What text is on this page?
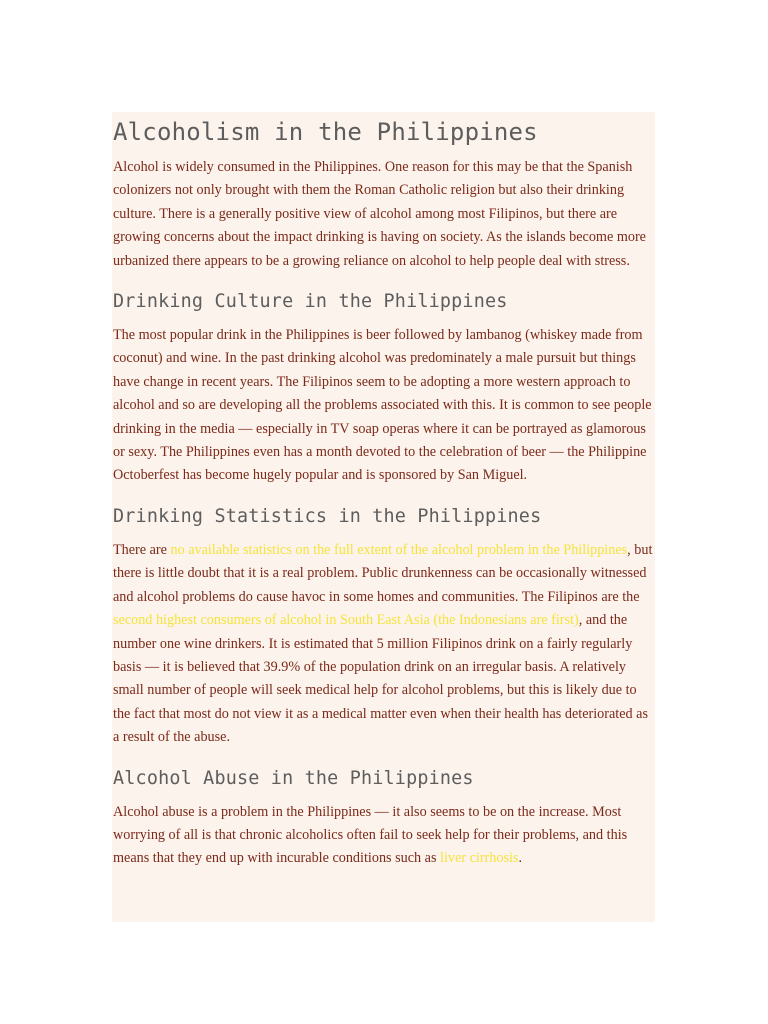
Alcoholism in the Philippines

Alcohol is widely consumed in the Philippines. One reason for this may be that the Spanish colonizers not only brought with them the Roman Catholic religion but also their drinking culture. There is a generally positive view of alcohol among most Filipinos, but there are growing concerns about the impact drinking is having on society. As the islands become more urbanized there appears to be a growing reliance on alcohol to help people deal with stress.

Drinking Culture in the Philippines

The most popular drink in the Philippines is beer followed by lambanog (whiskey made from coconut) and wine. In the past drinking alcohol was predominately a male pursuit but things have change in recent years. The Filipinos seem to be adopting a more western approach to alcohol and so are developing all the problems associated with this. It is common to see people drinking in the media — especially in TV soap operas where it can be portrayed as glamorous or sexy. The Philippines even has a month devoted to the celebration of beer — the Philippine Octoberfest has become hugely popular and is sponsored by San Miguel.

Drinking Statistics in the Philippines

There are no available statistics on the full extent of the alcohol problem in the Philippines, but there is little doubt that it is a real problem. Public drunkenness can be occasionally witnessed and alcohol problems do cause havoc in some homes and communities. The Filipinos are the second highest consumers of alcohol in South East Asia (the Indonesians are first), and the number one wine drinkers. It is estimated that 5 million Filipinos drink on a fairly regularly basis — it is believed that 39.9% of the population drink on an irregular basis. A relatively small number of people will seek medical help for alcohol problems, but this is likely due to the fact that most do not view it as a medical matter even when their health has deteriorated as a result of the abuse.

Alcohol Abuse in the Philippines

Alcohol abuse is a problem in the Philippines — it also seems to be on the increase. Most worrying of all is that chronic alcoholics often fail to seek help for their problems, and this means that they end up with incurable conditions such as liver cirrhosis.
